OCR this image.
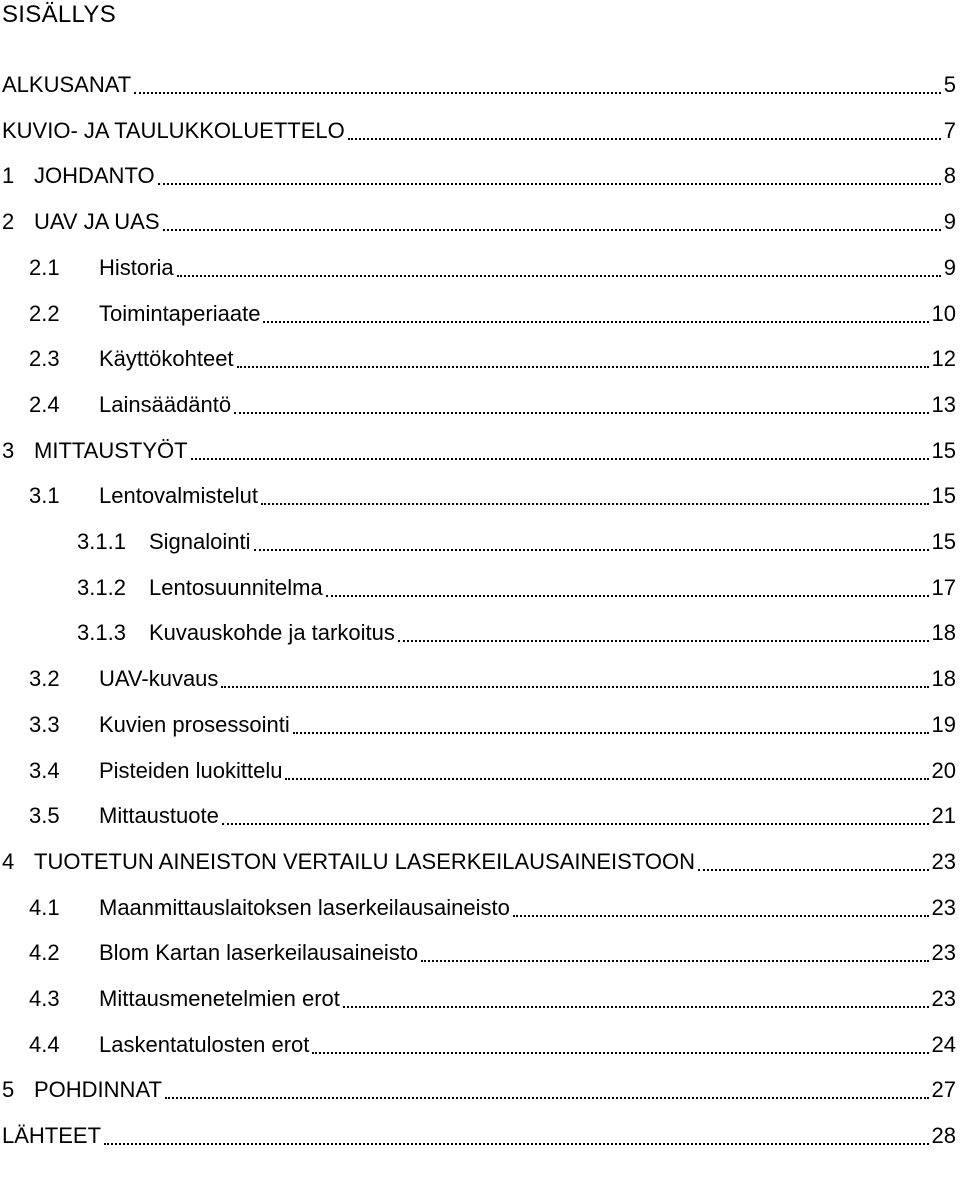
SISÄLLYS
ALKUSANAT	5
KUVIO- JA TAULUKKOLUETTELO	7
1 JOHDANTO	8
2 UAV JA UAS	9
2.1	Historia	9
2.2	Toimintaperiaate	10
2.3	Käyttökohteet	12
2.4	Lainsäädäntö	13
3 MITTAUSTYÖT	15
3.1	Lentovalmistelut	15
3.1.1	Signalointi	15
3.1.2	Lentosuunnitelma	17
3.1.3	Kuvauskohde ja tarkoitus	18
3.2	UAV-kuvaus	18
3.3	Kuvien prosessointi	19
3.4	Pisteiden luokittelu	20
3.5	Mittaustuote	21
4 TUOTETUN AINEISTON VERTAILU LASERKEILAUSAINEISTOON	23
4.1	Maanmittauslaitoksen laserkeilausaineisto	23
4.2	Blom Kartan laserkeilausaineisto	23
4.3	Mittausmenetelmien erot	23
4.4	Laskentatulosten erot	24
5 POHDINNAT	27
LÄHTEET	28
